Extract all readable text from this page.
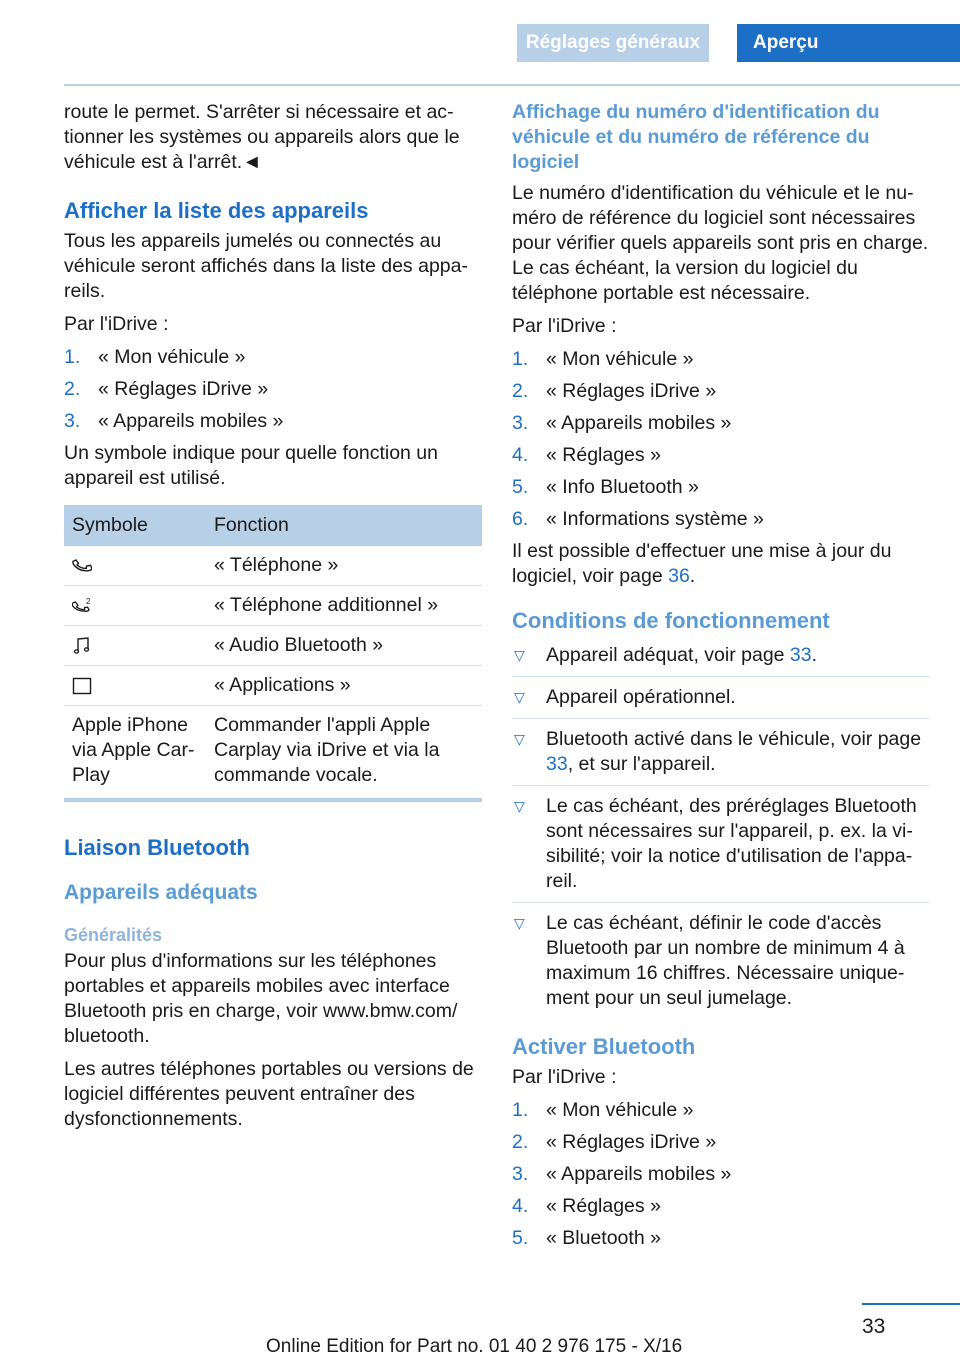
Réglages généraux	Aperçu

route le permet. S'arrêter si nécessaire et actionner les systèmes ou appareils alors que le véhicule est à l'arrêt.◄

Afficher la liste des appareils

Tous les appareils jumelés ou connectés au véhicule seront affichés dans la liste des appareils.

Par l'iDrive :

1. « Mon véhicule »
2. « Réglages iDrive »
3. « Appareils mobiles »

Un symbole indique pour quelle fonction un appareil est utilisé.

Symbole	Fonction
	« Téléphone »

2	« Téléphone additionnel »
	« Audio Bluetooth »
	« Applications »
Apple iPhone via Apple CarPlay	Commander l'appli Apple Carplay via iDrive et via la commande vocale.
Liaison Bluetooth
Appareils adéquats
Généralités

Pour plus d'informations sur les téléphones portables et appareils mobiles avec interface Bluetooth pris en charge, voir www.bmw.com/ bluetooth.

Les autres téléphones portables ou versions de logiciel différentes peuvent entraîner des dysfonctionnements.

Affichage du numéro d'identification du véhicule et du numéro de référence du logiciel

Le numéro d'identification du véhicule et le numéro de référence du logiciel sont nécessaires pour vérifier quels appareils sont pris en charge. Le cas échéant, la version du logiciel du téléphone portable est nécessaire.

Par l'iDrive :

1. « Mon véhicule »
2. « Réglages iDrive »
3. « Appareils mobiles »
4. « Réglages »
5. « Info Bluetooth »
6. « Informations système »

Il est possible d'effectuer une mise à jour du logiciel, voir page 36.

Conditions de fonctionnement
▽ Appareil adéquat, voir page 33.
▽ Appareil opérationnel.
▽ Bluetooth activé dans le véhicule, voir page 33, et sur l'appareil.
▽ Le cas échéant, des préréglages Bluetooth sont nécessaires sur l'appareil, p. ex. la visibilité; voir la notice d'utilisation de l'appareil.
▽ Le cas échéant, définir le code d'accès Bluetooth par un nombre de minimum 4 à maximum 16 chiffres. Nécessaire uniquement pour un seul jumelage.
Activer Bluetooth

Par l'iDrive :

1. « Mon véhicule »
2. « Réglages iDrive »
3. « Appareils mobiles »
4. « Réglages »
5. « Bluetooth »
33
Online Edition for Part no. 01 40 2 976 175 - X/16
